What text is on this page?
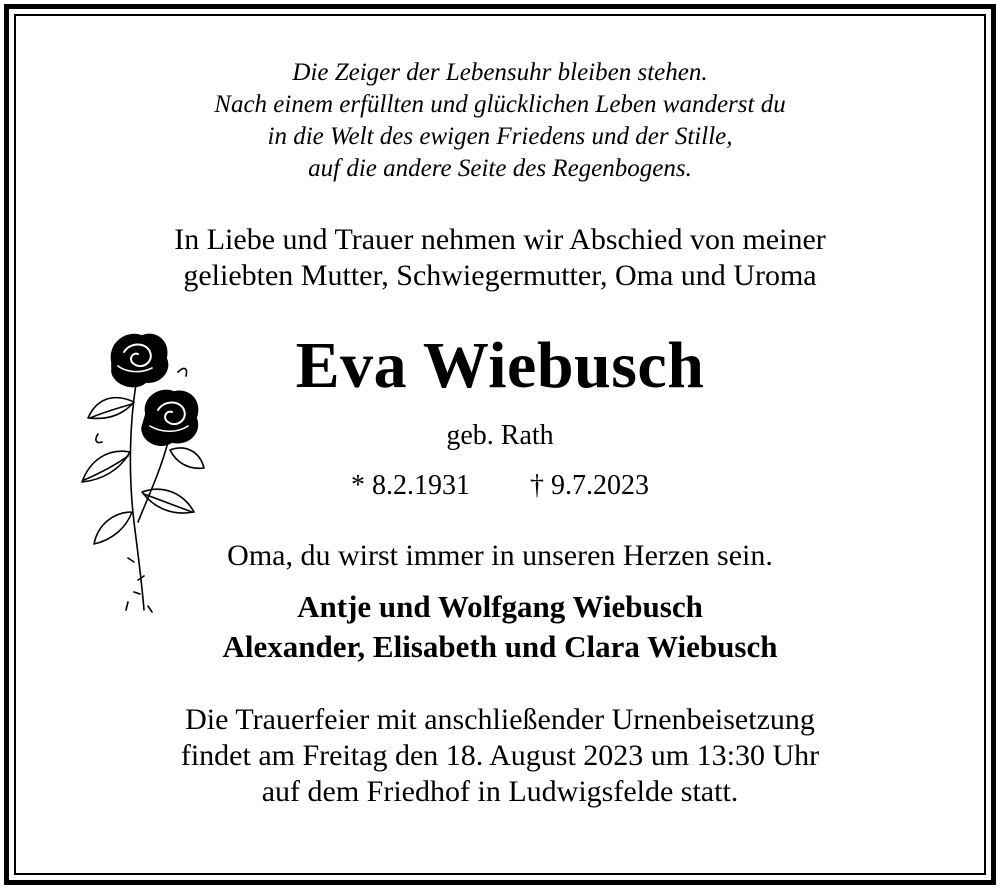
Die Zeiger der Lebensuhr bleiben stehen.

Nach einem erfüllten und glücklichen Leben wanderst du

in die Welt des ewigen Friedens und der Stille,

auf die andere Seite des Regenbogens.

In Liebe und Trauer nehmen wir Abschied von meiner

geliebten Mutter, Schwiegermutter, Oma und Uroma

Eva Wiebusch

geb. Rath

* 8.2.1931 † 9.7.2023

Oma, du wirst immer in unseren Herzen sein.

Antje und Wolfgang Wiebusch

Alexander, Elisabeth und Clara Wiebusch

Die Trauerfeier mit anschließender Urnenbeisetzung

findet am Freitag den 18. August 2023 um 13:30 Uhr

auf dem Friedhof in Ludwigsfelde statt.
